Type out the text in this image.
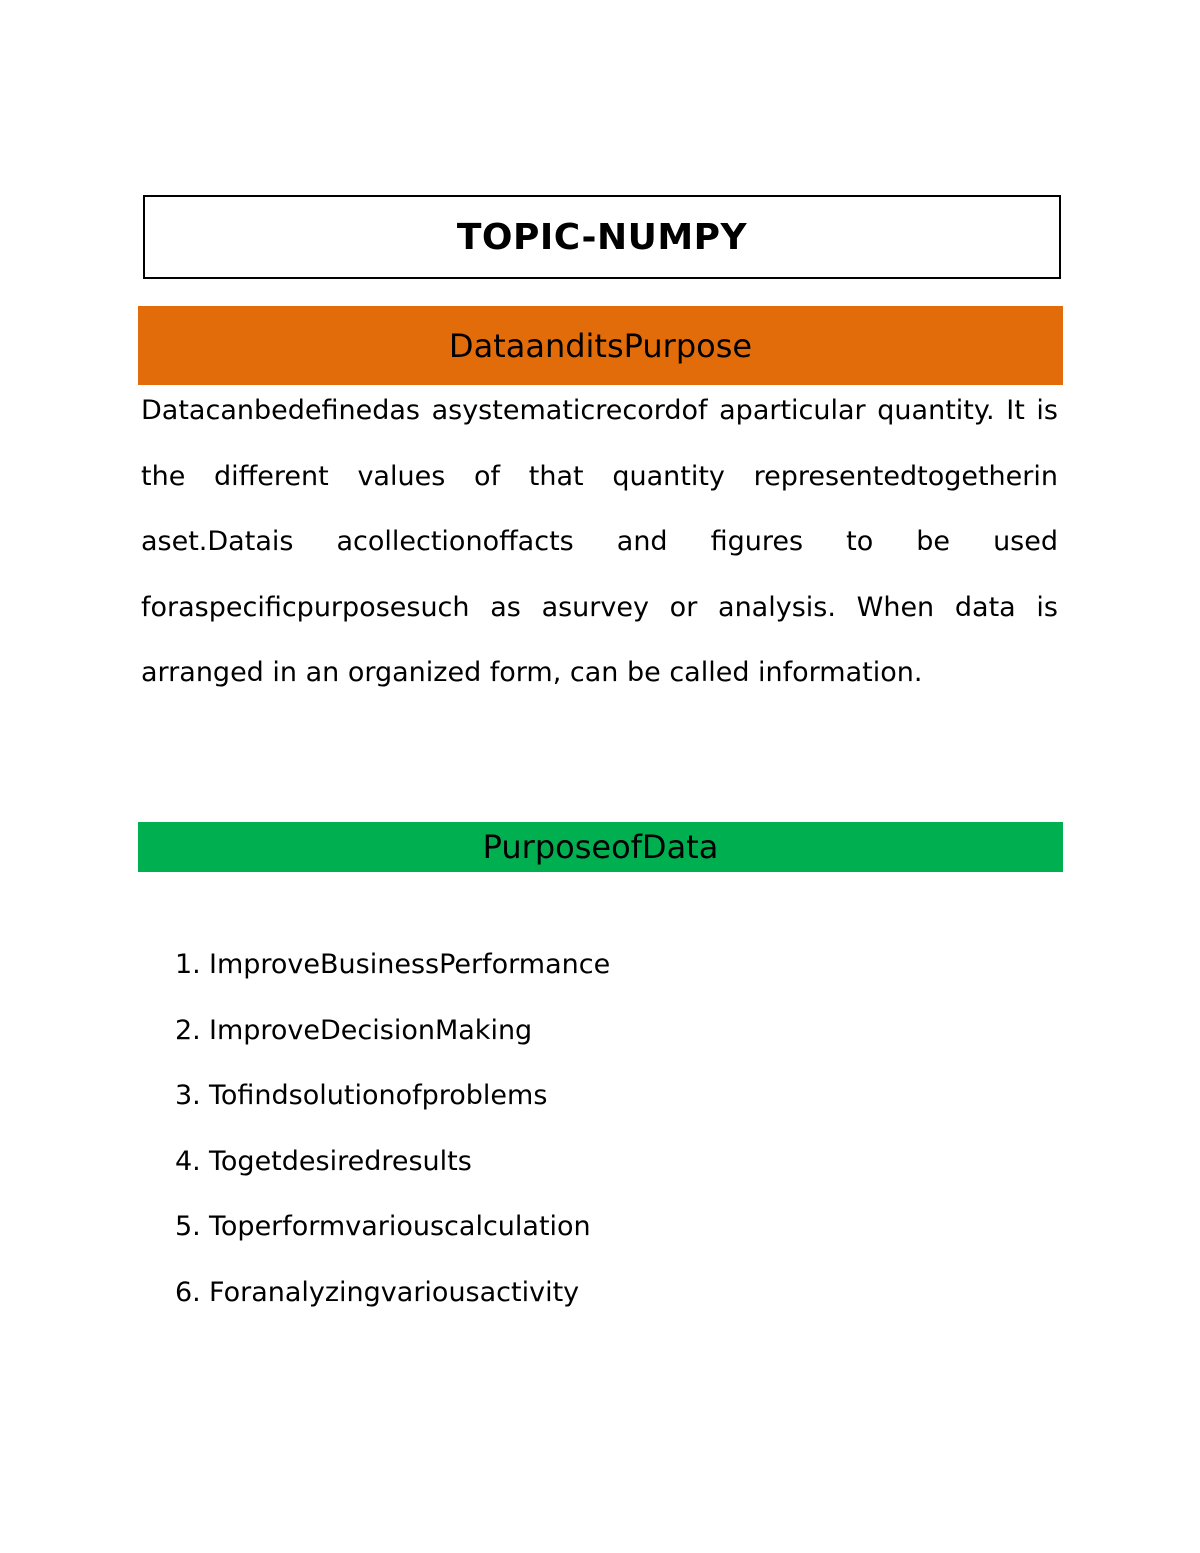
TOPIC-NUMPY
DataanditsPurpose

Datacanbedefinedas asystematicrecordof aparticular quantity. It is the different values of that quantity representedtogetherin aset.Datais acollectionoffacts and figures to be used foraspecificpurposesuch as asurvey or analysis. When data is arranged in an organized form, can be called information.

PurposeofData
1. ImproveBusinessPerformance
2. ImproveDecisionMaking
3. Tofindsolutionofproblems
4. Togetdesiredresults
5. Toperformvariouscalculation
6. Foranalyzingvariousactivity
